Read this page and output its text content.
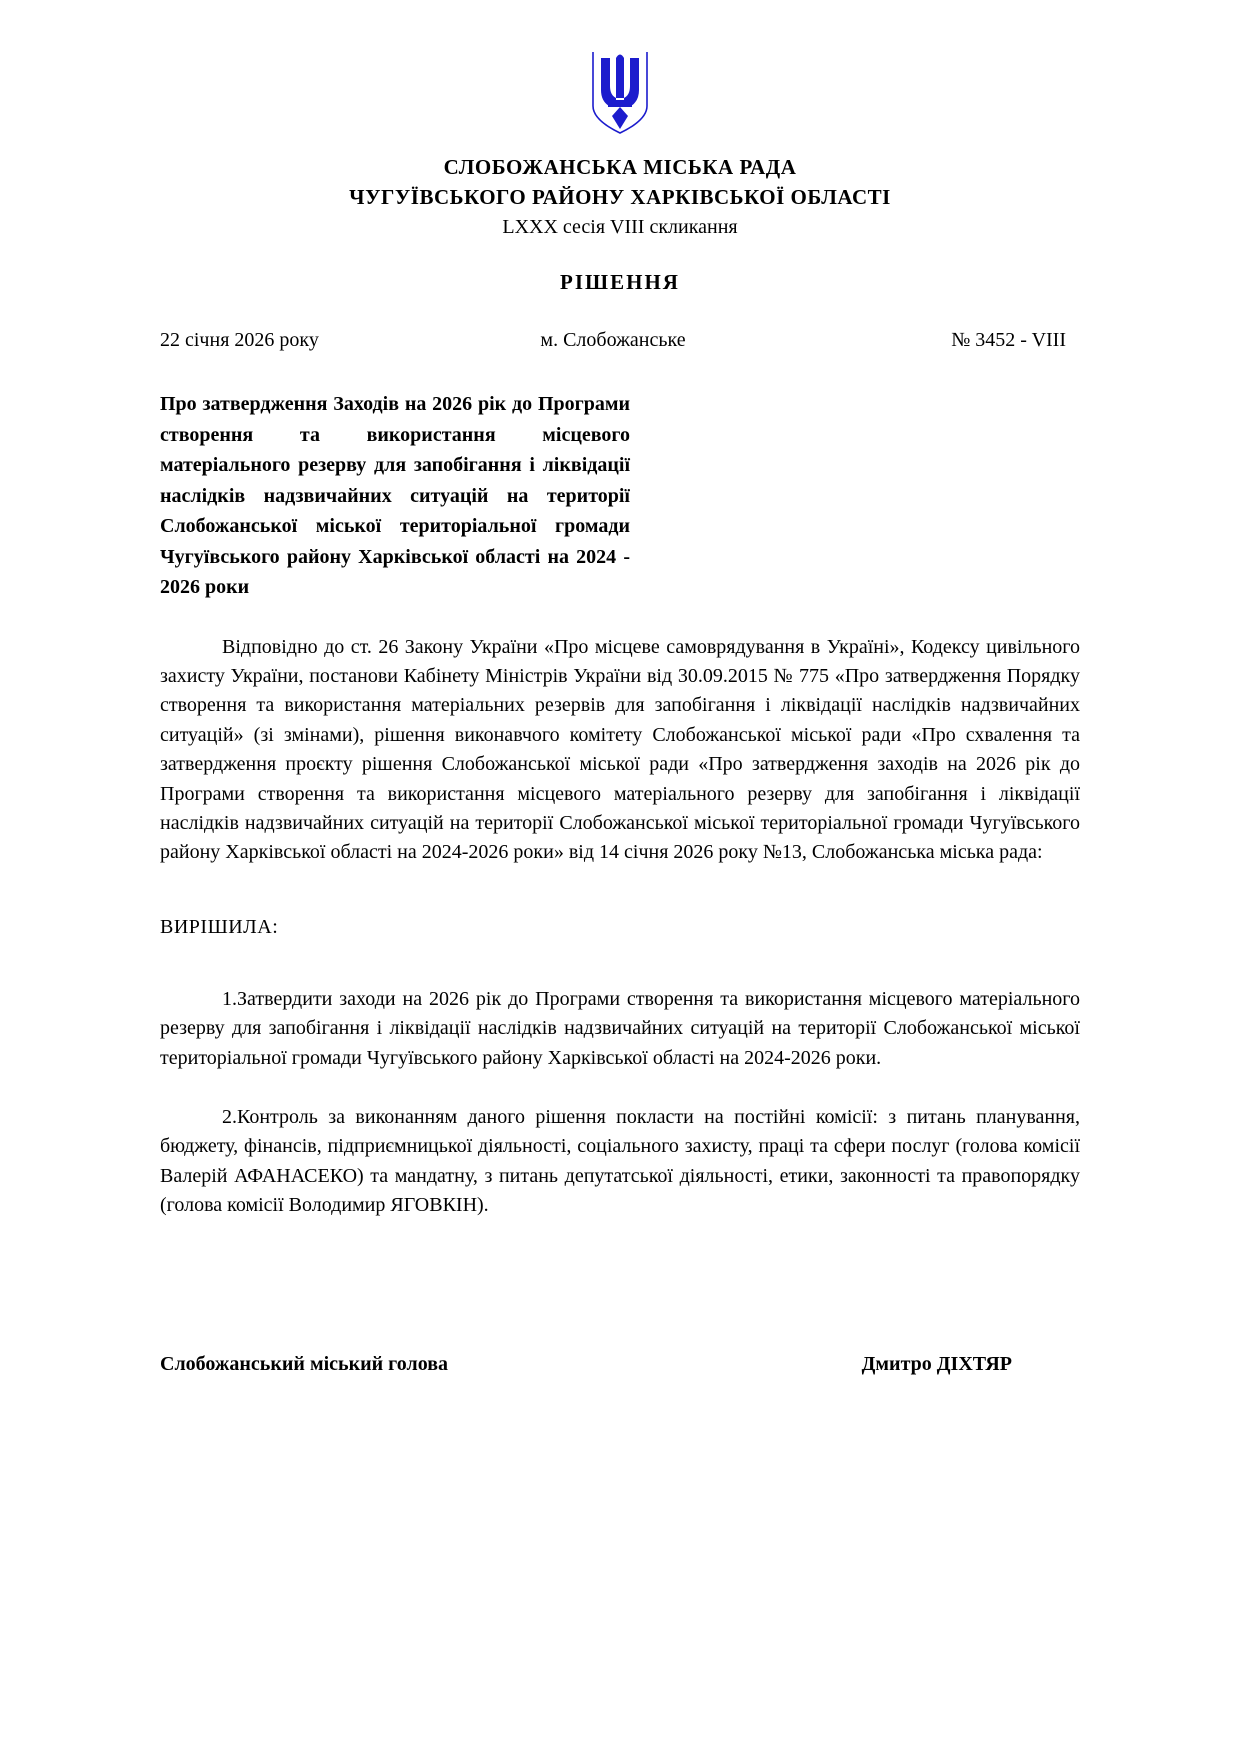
СЛОБОЖАНСЬКА МІСЬКА РАДА
ЧУГУЇВСЬКОГО РАЙОНУ ХАРКІВСЬКОЇ ОБЛАСТІ
LXXX сесія VIII скликання
РІШЕННЯ
22 січня 2026 року	м. Слобожанське	№ 3452 - VIII
Про затвердження Заходів на 2026 рік до Програми створення та використання місцевого матеріального резерву для запобігання і ліквідації наслідків надзвичайних ситуацій на території Слобожанської міської територіальної громади Чугуївського району Харківської області на 2024 - 2026 роки
Відповідно до ст. 26 Закону України «Про місцеве самоврядування в Україні», Кодексу цивільного захисту України, постанови Кабінету Міністрів України від 30.09.2015 № 775 «Про затвердження Порядку створення та використання матеріальних резервів для запобігання і ліквідації наслідків надзвичайних ситуацій» (зі змінами), рішення виконавчого комітету Слобожанської міської ради «Про схвалення та затвердження проєкту рішення Слобожанської міської ради «Про затвердження заходів на 2026 рік до Програми створення та використання місцевого матеріального резерву для запобігання і ліквідації наслідків надзвичайних ситуацій на території Слобожанської міської територіальної громади Чугуївського району Харківської області на 2024-2026 роки» від 14 січня 2026 року №13, Слобожанська міська рада:
ВИРІШИЛА:
1.Затвердити заходи на 2026 рік до Програми створення та використання місцевого матеріального резерву для запобігання і ліквідації наслідків надзвичайних ситуацій на території Слобожанської міської територіальної громади Чугуївського району Харківської області на 2024-2026 роки.
2.Контроль за виконанням даного рішення покласти на постійні комісії: з питань планування, бюджету, фінансів, підприємницької діяльності, соціального захисту, праці та сфери послуг (голова комісії Валерій АФАНАСЕКО) та мандатну, з питань депутатської діяльності, етики, законності та правопорядку (голова комісії Володимир ЯГОВКІН).
Слобожанський міський голова	Дмитро ДІХТЯР
